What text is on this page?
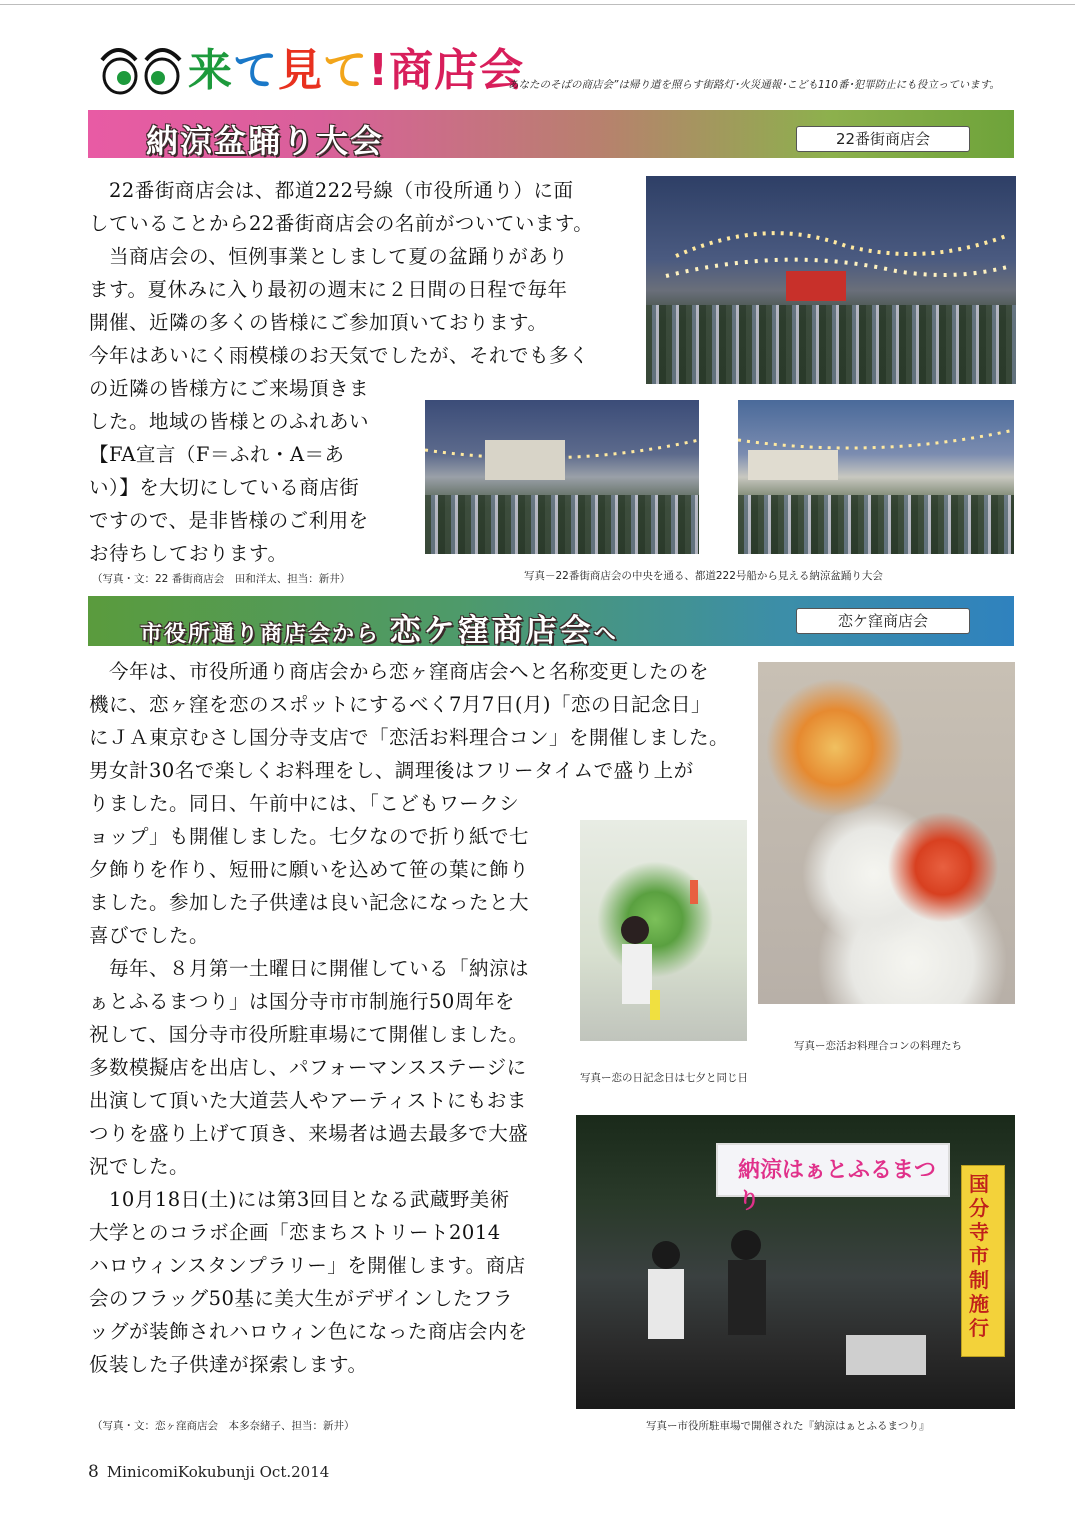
来て見て!商店会
あなたのそばの商店会”は帰り道を照らす街路灯･火災通報･こども110番･犯罪防止にも役立っています。
納涼盆踊り大会	22番街商店会
　22番街商店会は、都道222号線（市役所通り）に面
していることから22番街商店会の名前がついています。
　当商店会の、恒例事業としまして夏の盆踊りがあり
ます。夏休みに入り最初の週末に２日間の日程で毎年
開催、近隣の多くの皆様にご参加頂いております。
今年はあいにく雨模様のお天気でしたが、それでも多く
の近隣の皆様方にご来場頂きま
した。地域の皆様とのふれあい
【FA宣言（F＝ふれ・A＝あ
い）】を大切にしている商店街
ですので、是非皆様のご利用を
お待ちしております。
（写真・文：22 番街商店会　田和洋太、担当：新井）	写真－22番街商店会の中央を通る、都道222号船から見える納涼盆踊り大会
市役所通り商店会から 恋ケ窪商店会へ
恋ケ窪商店会
　今年は、市役所通り商店会から恋ヶ窪商店会へと名称変更したのを
機に、恋ヶ窪を恋のスポットにするべく7月7日(月)「恋の日記念日」
にＪＡ東京むさし国分寺支店で「恋活お料理合コン」を開催しました。
男女計30名で楽しくお料理をし、調理後はフリータイムで盛り上が
りました。同日、午前中には、「こどもワークシ
ョップ」も開催しました。七夕なので折り紙で七
夕飾りを作り、短冊に願いを込めて笹の葉に飾り
ました。参加した子供達は良い記念になったと大
喜びでした。
　毎年、８月第一土曜日に開催している「納涼は
ぁとふるまつり」は国分寺市市制施行50周年を
祝して、国分寺市役所駐車場にて開催しました。
多数模擬店を出店し、パフォーマンスステージに
出演して頂いた大道芸人やアーティストにもおま
つりを盛り上げて頂き、来場者は過去最多で大盛
況でした。
　10月18日(土)には第3回目となる武蔵野美術
大学とのコラボ企画「恋まちストリート2014
ハロウィンスタンプラリー」を開催します。商店
会のフラッグ50基に美大生がデザインしたフラ
ッグが装飾されハロウィン色になった商店会内を
仮装した子供達が探索します。
写真ー恋活お料理合コンの料理たち
写真ー恋の日記念日は七夕と同じ日
納涼はぁとふるまつり
国分寺市制施行
写真ー市役所駐車場で開催された『納涼はぁとふるまつり』
（写真・文：恋ヶ窪商店会　本多奈緒子、担当：新井）
8 MinicomiKokubunji Oct.2014
